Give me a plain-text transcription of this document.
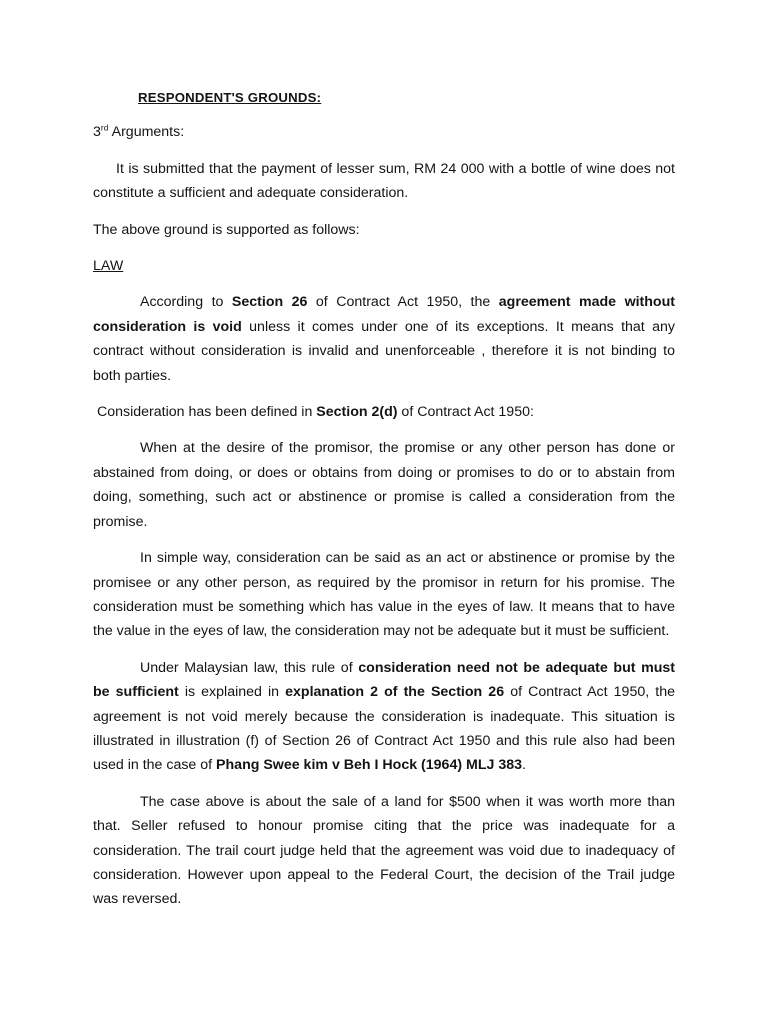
RESPONDENT'S GROUNDS:
3rd Arguments:

It is submitted that the payment of lesser sum, RM 24 000 with a bottle of wine does not constitute a sufficient and adequate consideration.

The above ground is supported as follows:

LAW

According to Section 26 of Contract Act 1950, the agreement made without consideration is void unless it comes under one of its exceptions. It means that any contract without consideration is invalid and unenforceable , therefore it is not binding to both parties.

Consideration has been defined in Section 2(d) of Contract Act 1950:

When at the desire of the promisor, the promise or any other person has done or abstained from doing, or does or obtains from doing or promises to do or to abstain from doing, something, such act or abstinence or promise is called a consideration from the promise.

In simple way, consideration can be said as an act or abstinence or promise by the promisee or any other person, as required by the promisor in return for his promise. The consideration must be something which has value in the eyes of law. It means that to have the value in the eyes of law, the consideration may not be adequate but it must be sufficient.

Under Malaysian law, this rule of consideration need not be adequate but must be sufficient is explained in explanation 2 of the Section 26 of Contract Act 1950, the agreement is not void merely because the consideration is inadequate. This situation is illustrated in illustration (f) of Section 26 of Contract Act 1950 and this rule also had been used in the case of Phang Swee kim v Beh I Hock (1964) MLJ 383.

The case above is about the sale of a land for $500 when it was worth more than that. Seller refused to honour promise citing that the price was inadequate for a consideration. The trail court judge held that the agreement was void due to inadequacy of consideration. However upon appeal to the Federal Court, the decision of the Trail judge was reversed.
